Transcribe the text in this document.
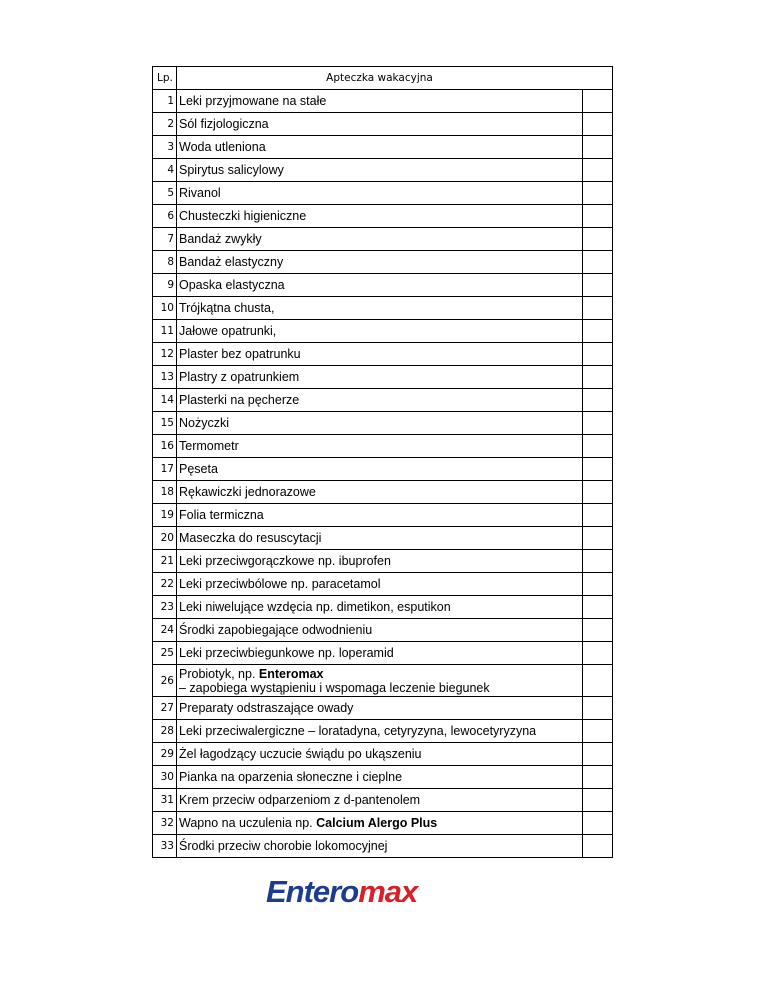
Lp.	Apteczka wakacyjna	
1	Leki przyjmowane na stałe	
2	Sól fizjologiczna	
3	Woda utleniona	
4	Spirytus salicylowy	
5	Rivanol	
6	Chusteczki higieniczne	
7	Bandaż zwykły	
8	Bandaż elastyczny	
9	Opaska elastyczna	
10	Trójkątna chusta,	
11	Jałowe opatrunki,	
12	Plaster bez opatrunku	
13	Plastry z opatrunkiem	
14	Plasterki na pęcherze	
15	Nożyczki	
16	Termometr	
17	Pęseta	
18	Rękawiczki jednorazowe	
19	Folia termiczna	
20	Maseczka do resuscytacji	
21	Leki przeciwgorączkowe np. ibuprofen	
22	Leki przeciwbólowe np. paracetamol	
23	Leki niwelujące wzdęcia np. dimetikon, esputikon	
24	Środki zapobiegające odwodnieniu	
25	Leki przeciwbiegunkowe np. loperamid	
26	Probiotyk, np. Enteromax
– zapobiega wystąpieniu i wspomaga leczenie biegunek	

27	Preparaty odstraszające owady	
28	Leki przeciwalergiczne – loratadyna, cetyryzyna, lewocetyryzyna	
29	Żel łagodzący uczucie świądu po ukąszeniu	
30	Pianka na oparzenia słoneczne i cieplne	
31	Krem przeciw odparzeniom z d-pantenolem	
32	Wapno na uczulenia np. Calcium Alergo Plus	
33	Środki przeciw chorobie lokomocyjnej	
Enteromax
